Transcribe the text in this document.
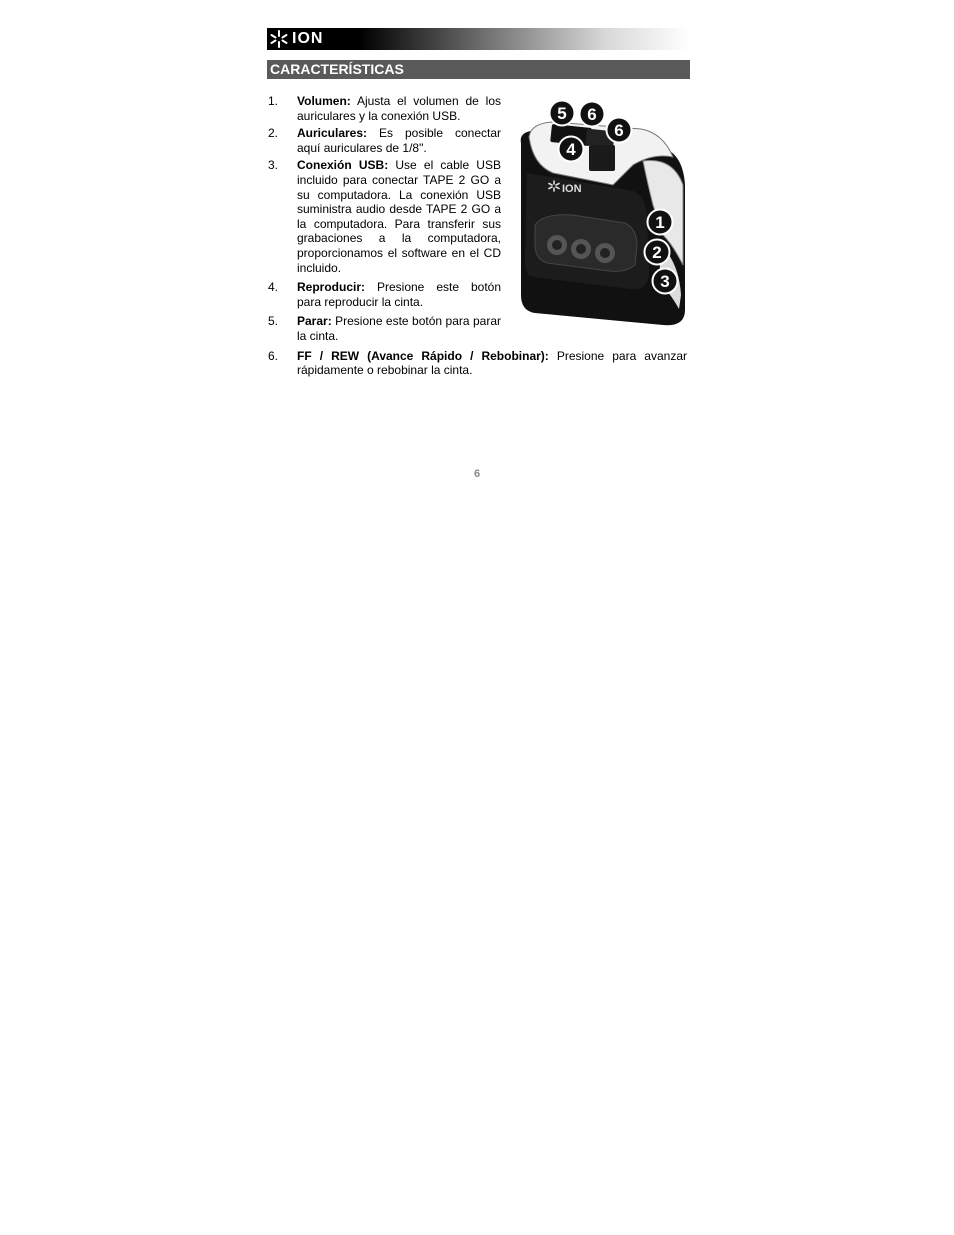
ION
CARACTERÍSTICAS
1. Volumen: Ajusta el volumen de los auriculares y la conexión USB.
2. Auriculares: Es posible conectar aquí auriculares de 1/8".
3. Conexión USB: Use el cable USB incluido para conectar TAPE 2 GO a su computadora. La conexión USB suministra audio desde TAPE 2 GO a la computadora. Para transferir sus grabaciones a la computadora, proporcionamos el software en el CD incluido.
4. Reproducir: Presione este botón para reproducir la cinta.
5. Parar: Presione este botón para parar la cinta.
6. FF / REW (Avance Rápido / Rebobinar): Presione para avanzar rápidamente o rebobinar la cinta.
ION
5 6
6
4
1
2
3
6
